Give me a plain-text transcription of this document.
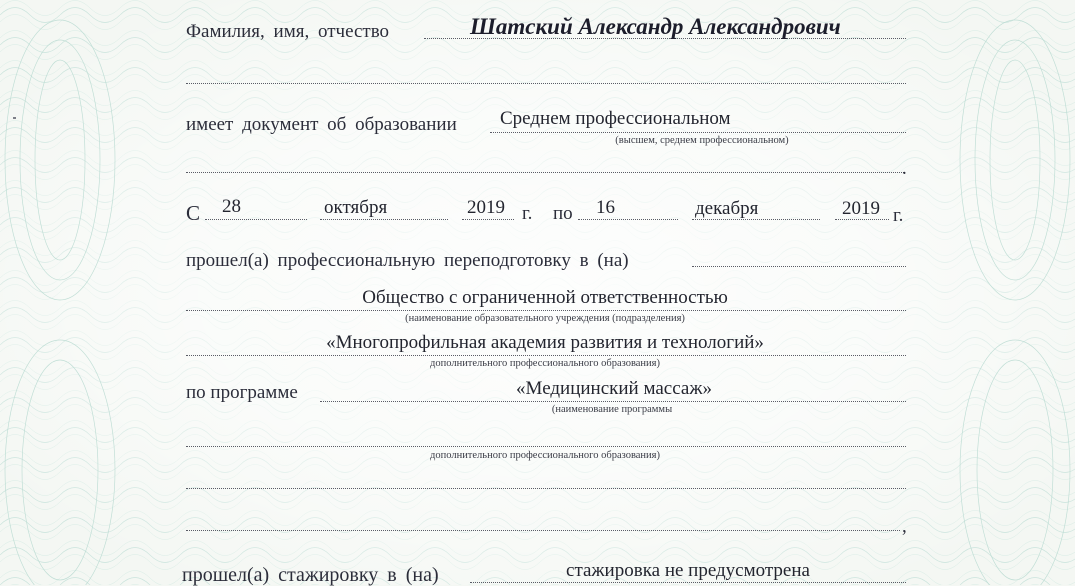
Фамилия, имя, отчество	Шатский Александр Александрович
имеет документ об образовании Среднем профессиональном
(высшем, среднем профессиональном)
.
С 28	октября	2019 г. по 16	декабря	2019 г.
прошел(а) профессиональную переподготовку в (на)
Общество с ограниченной ответственностью
(наименование образовательного учреждения (подразделения)
«Многопрофильная академия развития и технологий»
дополнительного профессионального образования)
по программе	«Медицинский массаж»
(наименование программы
дополнительного профессионального образования)
,
прошел(а) стажировку в (на)	стажировка не предусмотрена
